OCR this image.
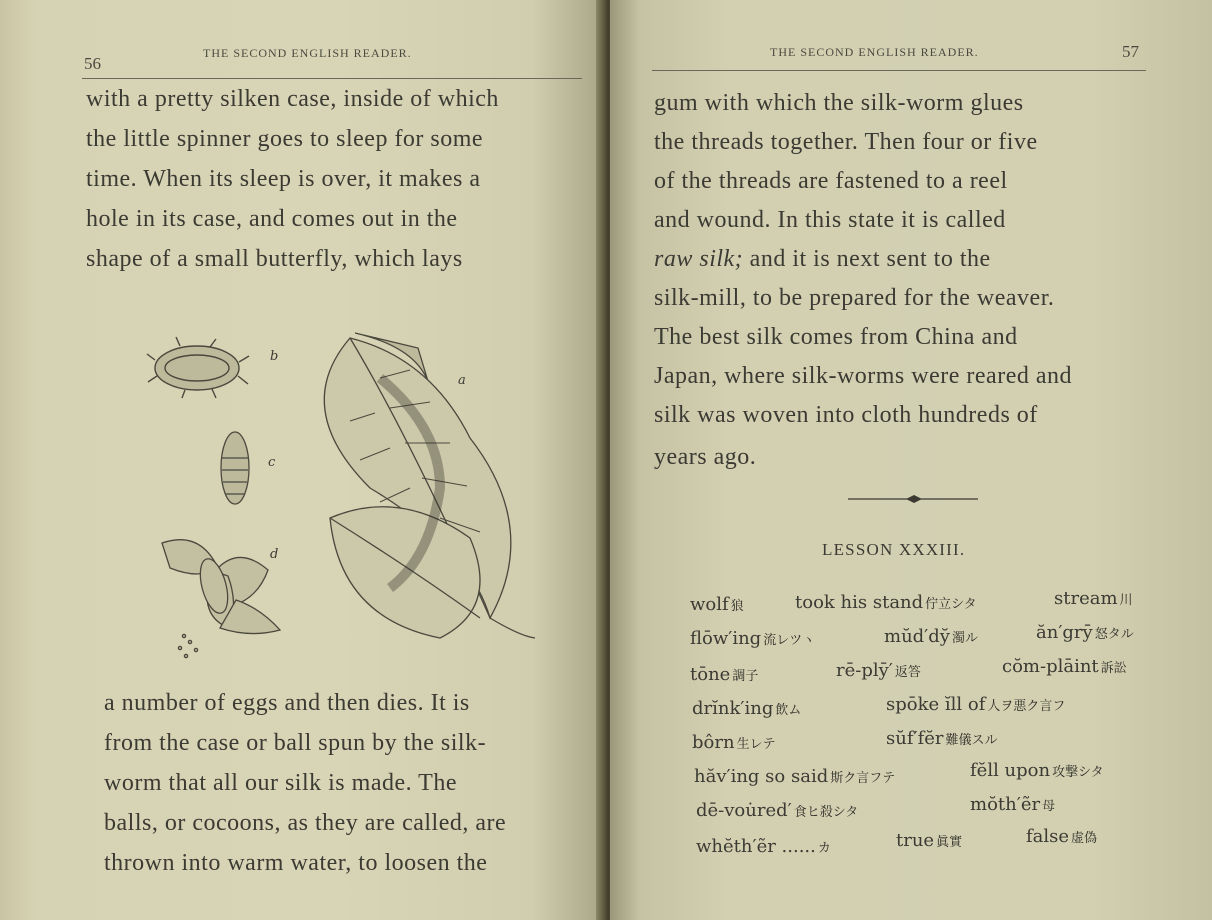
56
THE SECOND ENGLISH READER.
with a pretty silken case, inside of which
the little spinner goes to sleep for some
time. When its sleep is over, it makes a
hole in its case, and comes out in the
shape of a small butterfly, which lays
b
c
d
a
a number of eggs and then dies. It is
from the case or ball spun by the silk-
worm that all our silk is made. The
balls, or cocoons, as they are called, are
thrown into warm water, to loosen the
THE SECOND ENGLISH READER.	57
gum with which the silk-worm glues
the threads together. Then four or five
of the threads are fastened to a reel
and wound. In this state it is called
raw silk; and it is next sent to the
silk-mill, to be prepared for the weaver.
The best silk comes from China and
Japan, where silk-worms were reared and
silk was woven into cloth hundreds of
years ago.
LESSON XXXIII.
wolf 狼	took his stand 佇立シタ	stream 川
flōw′ing 流レツヽ	mŭd′dy̆ 濁ル	ăn′grȳ 怒タル
tōne 調子	rē-plȳ′ 返答	cŏm-plāint 訴訟
drĭnk′ing 飲ム	spōke ĭll of 人ヲ悪ク言フ
bôrn 生レテ	sŭf′fĕr 難儀スル
hăv′ing so said 斯ク言フテ	fĕll upon 攻撃シタ
dē-vou̇red′ 食ヒ殺シタ	mŏth′ẽr 母
whĕth′ẽr ...... カ	true 眞實	false 虚偽
